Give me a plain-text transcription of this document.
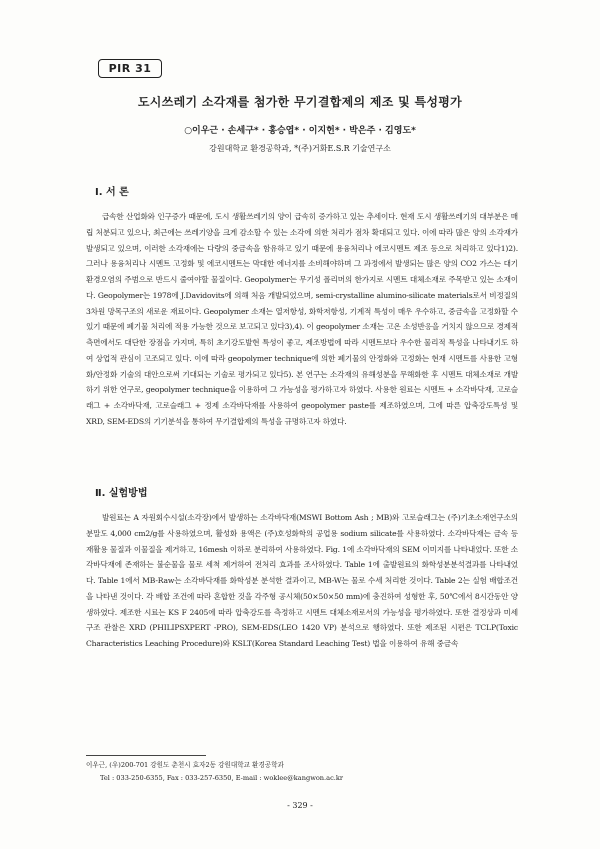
PIR 31
도시쓰레기 소각재를 첨가한 무기결합제의 제조 및 특성평가
○이우근 · 손세구* · 홍승엽* · 이지헌* · 박은주 · 김영도*
강원대학교 환경공학과, *(주)거화E.S.R 기술연구소
Ⅰ. 서 론

급속한 산업화와 인구증가 때문에, 도시 생활쓰레기의 양이 급속히 증가하고 있는 추세이다. 현재 도시 생활쓰레기의 대부분은 매립 처분되고 있으나, 최근에는 쓰레기양을 크게 감소할 수 있는 소각에 의한 처리가 점차 확대되고 있다. 이에 따라 많은 양의 소각재가 발생되고 있으며, 이러한 소각재에는 다량의 중금속을 함유하고 있기 때문에 용융처리나 에코시멘트 제조 등으로 처리하고 있다1)2). 그러나 용융처리나 시멘트 고정화 및 에코시멘트는 막대한 에너지를 소비해야하며 그 과정에서 발생되는 많은 양의 CO2 가스는 대기환경오염의 주범으로 반드시 줄여야할 물질이다. Geopolymer는 무기성 폴리머의 한가지로 시멘트 대체소재로 주목받고 있는 소재이다. Geopolymer는 1978에 J.Davidovits에 의해 처음 개발되었으며, semi-crystalline alumino-silicate materials로서 비정질의 3차원 망목구조의 새로운 재료이다. Geopolymer 소재는 열저항성, 화학저항성, 기계적 특성이 매우 우수하고, 중금속을 고정화할 수 있기 때문에 폐기물 처리에 적용 가능한 것으로 보고되고 있다3),4). 이 geopolymer 소재는 고온 소성반응을 거치지 않으므로 경제적 측면에서도 대단한 장점을 가지며, 특히 초기강도발현 특성이 좋고, 제조방법에 따라 시멘트보다 우수한 물리적 특성을 나타내기도 하여 상업적 관심이 고조되고 있다. 이에 따라 geopolymer technique에 의한 폐기물의 안정화와 고정화는 현재 시멘트를 사용한 고형화/안정화 기술의 대안으로써 기대되는 기술로 평가되고 있다5). 본 연구는 소각재의 유해성분을 무해화한 후 시멘트 대체소재로 개발하기 위한 연구로, geopolymer technique을 이용하여 그 가능성을 평가하고자 하였다. 사용한 원료는 시멘트 + 소각바닥재, 고로슬래그 + 소각바닥재, 고로슬래그 + 정제 소각바닥재를 사용하여 geopolymer paste를 제조하였으며, 그에 따른 압축강도특성 및 XRD, SEM-EDS의 기기분석을 통하여 무기결합제의 특성을 규명하고자 하였다.

Ⅱ. 실험방법

발원료는 A 자원회수시설(소각장)에서 발생하는 소각바닥재(MSWI Bottom Ash ; MB)와 고로슬래그는 (주)기초소재연구소의 분말도 4,000 cm2/g를 사용하였으며, 활성화 용액은 (주)호성화학의 공업용 sodium silicate를 사용하였다. 소각바닥재는 금속 등 재활용 물질과 이물질을 제거하고, 16mesh 이하로 분리하여 사용하였다. Fig. 1에 소각바닥재의 SEM 이미지를 나타내었다. 또한 소각바닥재에 존재하는 불순물을 물로 세척 제거하여 전처리 효과를 조사하였다. Table 1에 출발원료의 화학성분분석결과를 나타내었다. Table 1에서 MB-Raw는 소각바닥재를 화학성분 분석한 결과이고, MB-W는 물로 수세 처리한 것이다. Table 2는 실험 배합조건을 나타낸 것이다. 각 배합 조건에 따라 혼합한 것을 각주형 공시체(50×50×50 mm)에 충진하여 성형한 후, 50℃에서 8시간동안 양생하였다. 제조한 시료는 KS F 2405에 따라 압축강도를 측정하고 시멘트 대체소재로서의 가능성을 평가하였다. 또한 결정상과 미세구조 관찰은 XRD (PHILIPSXPERT -PRO), SEM-EDS(LEO 1420 VP) 분석으로 행하였다. 또한 제조된 시편은 TCLP(Toxic Characteristics Leaching Procedure)와 KSLT(Korea Standard Leaching Test) 법을 이용하여 유해 중금속

이우근, (우)200-701 강원도 춘천시 효자2동 강원대학교 환경공학과
Tel : 033-250-6355, Fax : 033-257-6350, E-mail : woklee@kangwon.ac.kr
- 329 -
